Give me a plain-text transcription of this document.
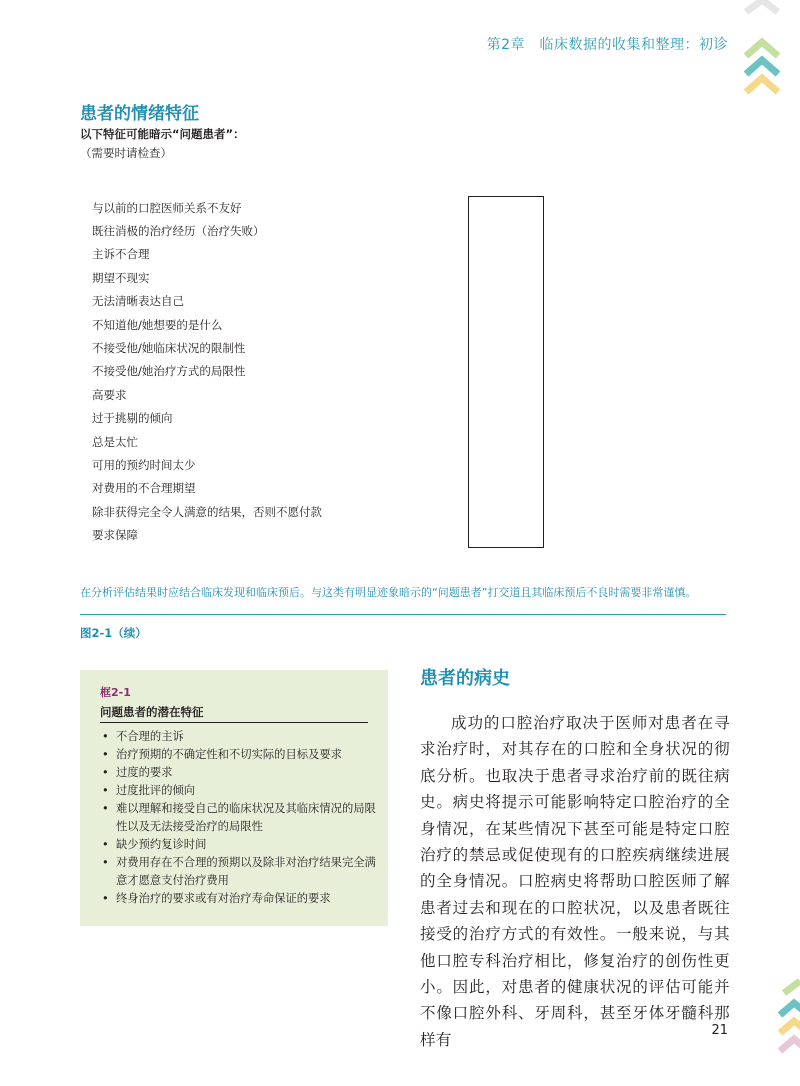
第2章　临床数据的收集和整理：初诊
患者的情绪特征
以下特征可能暗示“问题患者”：
（需要时请检查）
与以前的口腔医师关系不友好
既往消极的治疗经历（治疗失败）
主诉不合理
期望不现实
无法清晰表达自己
不知道他/她想要的是什么
不接受他/她临床状况的限制性
不接受他/她治疗方式的局限性
高要求
过于挑剔的倾向
总是太忙
可用的预约时间太少
对费用的不合理期望
除非获得完全令人满意的结果，否则不愿付款
要求保障
在分析评估结果时应结合临床发现和临床预后。与这类有明显迹象暗示的“问题患者”打交道且其临床预后不良时需要非常谨慎。
图2-1（续）
框2-1
问题患者的潜在特征
• 不合理的主诉
• 治疗预期的不确定性和不切实际的目标及要求
• 过度的要求
• 过度批评的倾向
• 难以理解和接受自己的临床状况及其临床情况的局限性以及无法接受治疗的局限性
• 缺少预约复诊时间
• 对费用存在不合理的预期以及除非对治疗结果完全满意才愿意支付治疗费用
• 终身治疗的要求或有对治疗寿命保证的要求
患者的病史
成功的口腔治疗取决于医师对患者在寻求治疗时，对其存在的口腔和全身状况的彻底分析。也取决于患者寻求治疗前的既往病史。病史将提示可能影响特定口腔治疗的全身情况，在某些情况下甚至可能是特定口腔治疗的禁忌或促使现有的口腔疾病继续进展的全身情况。口腔病史将帮助口腔医师了解患者过去和现在的口腔状况，以及患者既往接受的治疗方式的有效性。一般来说，与其他口腔专科治疗相比，修复治疗的创伤性更小。因此，对患者的健康状况的评估可能并不像口腔外科、牙周科，甚至牙体牙髓科那样有
21
